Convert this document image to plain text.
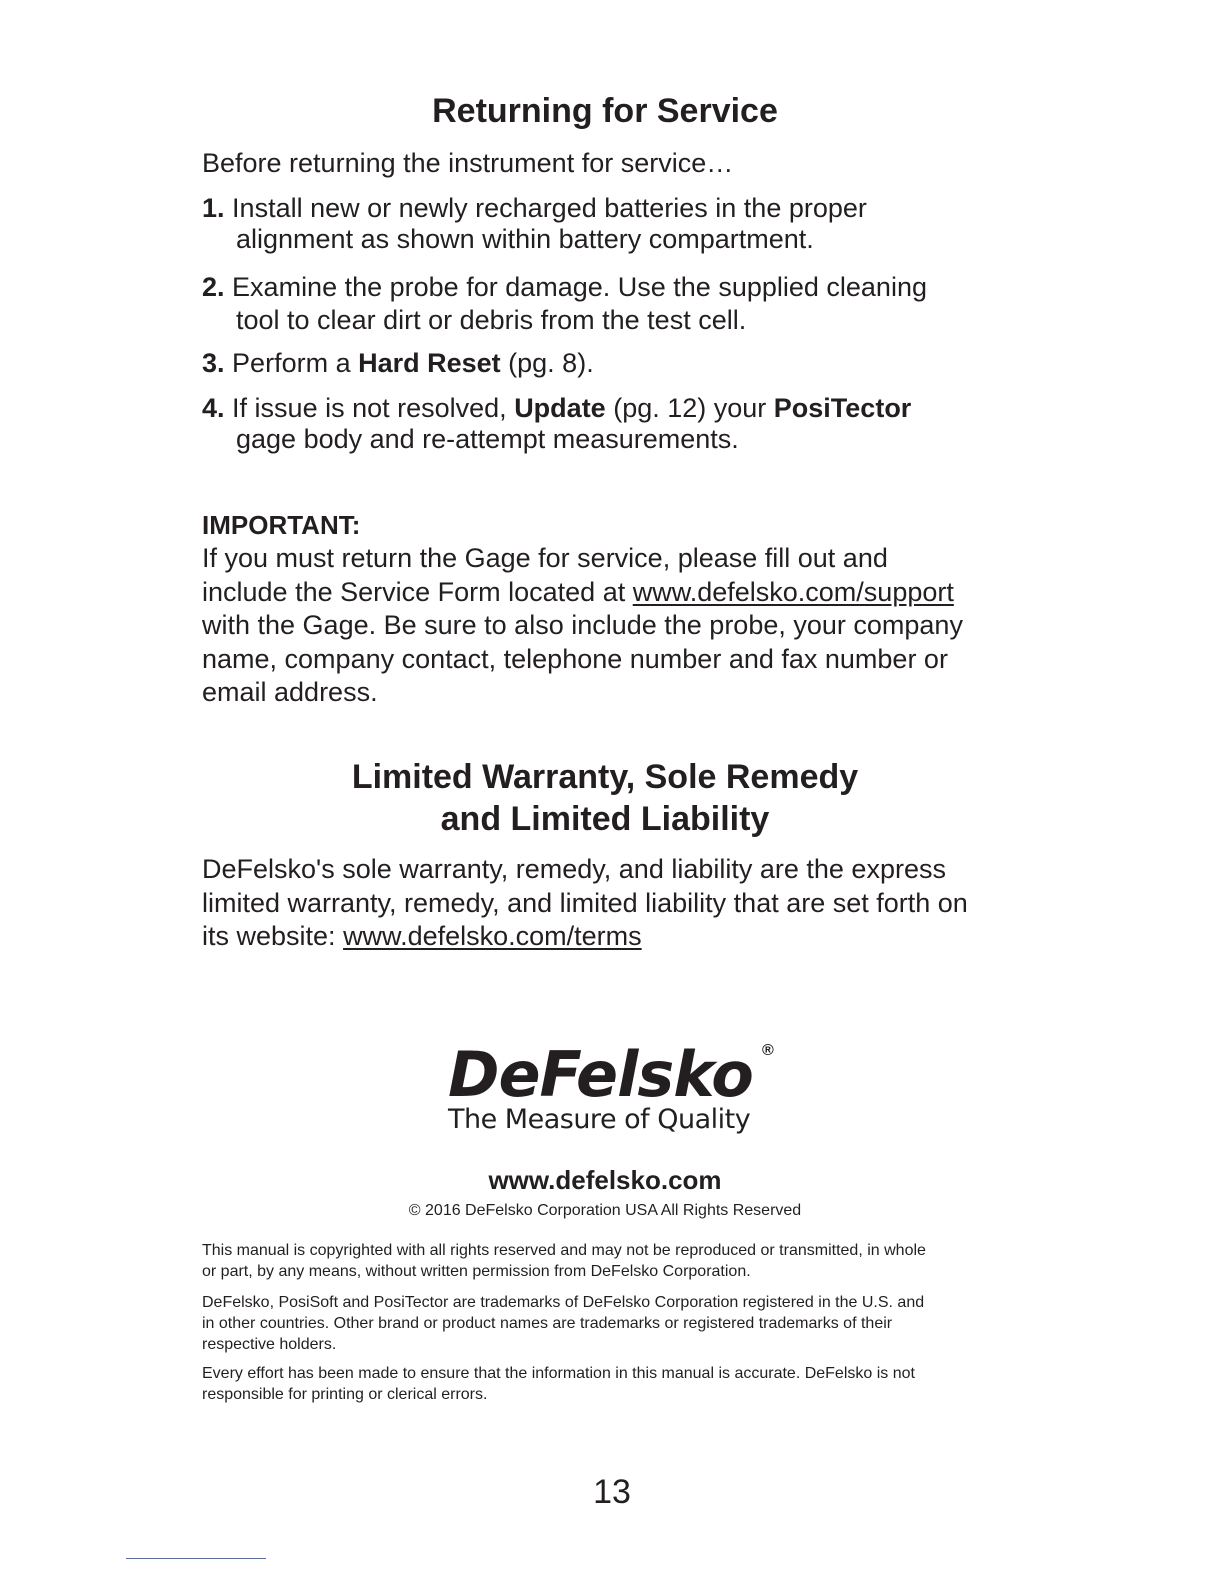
Returning for Service

Before returning the instrument for service…

1. Install new or newly recharged batteries in the proper
alignment as shown within battery compartment.

2. Examine the probe for damage. Use the supplied cleaning
tool to clear dirt or debris from the test cell.

3. Perform a Hard Reset (pg. 8).

4. If issue is not resolved, Update (pg. 12) your PosiTector
gage body and re-attempt measurements.

IMPORTANT:

If you must return the Gage for service, please fill out and
include the Service Form located at www.defelsko.com/support
with the Gage. Be sure to also include the probe, your company
name, company contact, telephone number and fax number or
email address.
Limited Warranty, Sole Remedy
and Limited Liability
DeFelsko's sole warranty, remedy, and liability are the express
limited warranty, remedy, and limited liability that are set forth on
its website: www.defelsko.com/terms
DeFelsko ®
The Measure of Quality
www.defelsko.com
© 2016 DeFelsko Corporation USA All Rights Reserved
This manual is copyrighted with all rights reserved and may not be reproduced or transmitted, in whole
or part, by any means, without written permission from DeFelsko Corporation.
DeFelsko, PosiSoft and PosiTector are trademarks of DeFelsko Corporation registered in the U.S. and
in other countries. Other brand or product names are trademarks or registered trademarks of their
respective holders.
Every effort has been made to ensure that the information in this manual is accurate. DeFelsko is not
responsible for printing or clerical errors.
13
